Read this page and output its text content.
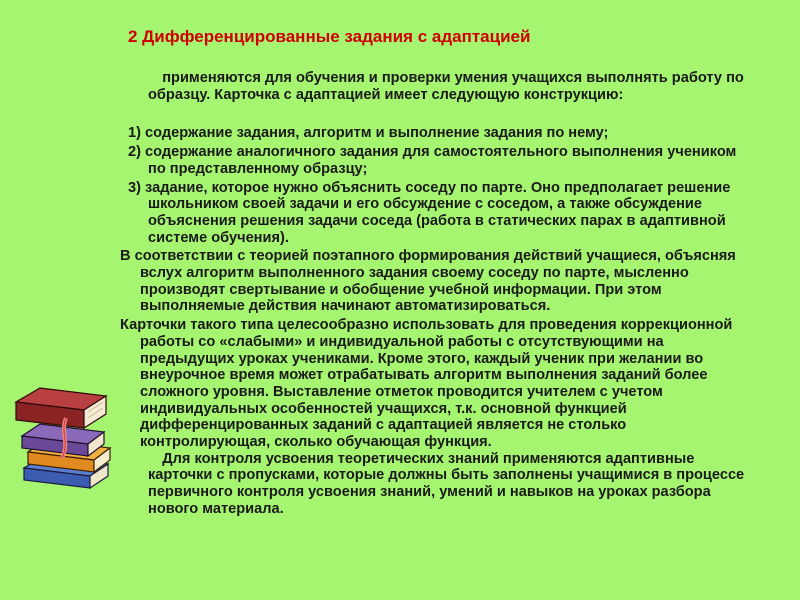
2 Дифференцированные задания с адаптацией

применяются для обучения и проверки умения учащихся выполнять работу по образцу. Карточка с адаптацией имеет следующую конструкцию:

1) содержание задания, алгоритм и выполнение задания по нему;

2) содержание аналогичного задания для самостоятельного выполнения учеником по представленному образцу;

3) задание, которое нужно объяснить соседу по парте. Оно предполагает решение школьником своей задачи и его обсуждение с соседом, а также обсуждение объяснения решения задачи соседа (работа в статических парах в адаптивной системе обучения).

В соответствии с теорией поэтапного формирования действий учащиеся, объясняя вслух алгоритм выполненного задания своему соседу по парте, мысленно производят свертывание и обобщение учебной информации. При этом выполняемые действия начинают автоматизироваться.

Карточки такого типа целесообразно использовать для проведения коррекционной работы со «слабыми» и индивидуальной работы с отсутствующими на предыдущих уроках учениками. Кроме этого, каждый ученик при желании во внеурочное время может отрабатывать алгоритм выполнения заданий более сложного уровня. Выставление отметок проводится учителем с учетом индивидуальных особенностей учащихся, т.к. основной функцией дифференцированных заданий с адаптацией является не столько контролирующая, сколько обучающая функция.

Для контроля усвоения теоретических знаний применяются адаптивные карточки с пропусками, которые должны быть заполнены учащимися в процессе первичного контроля усвоения знаний, умений и навыков на уроках разбора нового материала.
